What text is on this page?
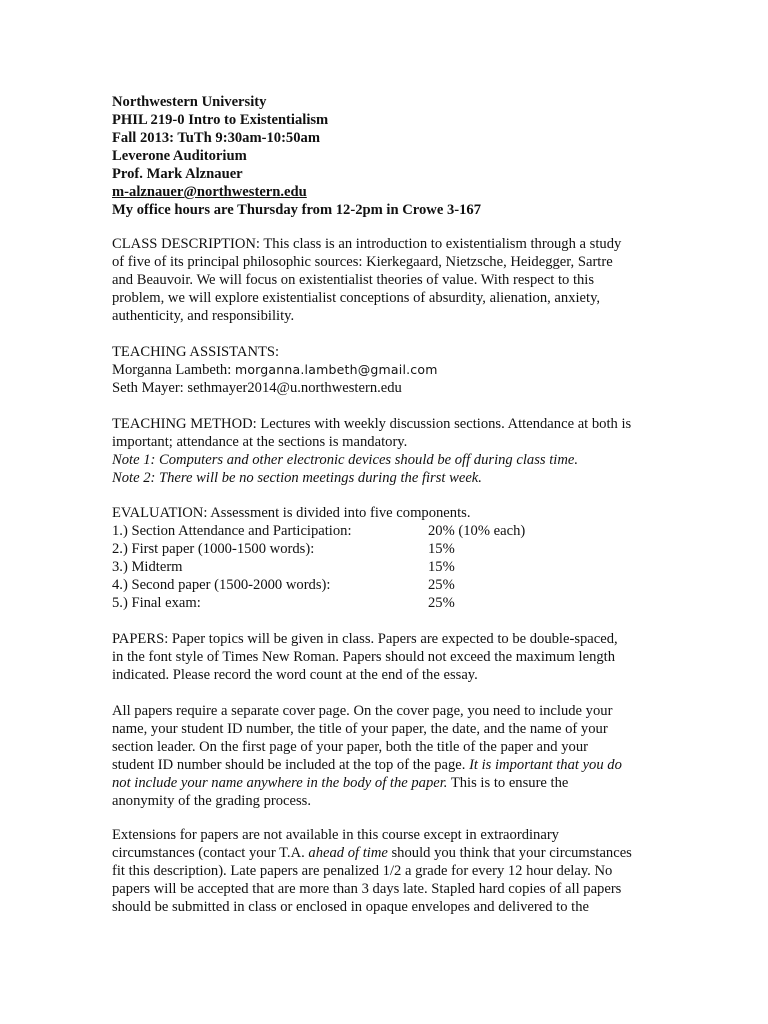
Northwestern University
PHIL 219-0 Intro to Existentialism
Fall 2013: TuTh 9:30am-10:50am
Leverone Auditorium
Prof. Mark Alznauer
m-alznauer@northwestern.edu
My office hours are Thursday from 12-2pm in Crowe 3-167
CLASS DESCRIPTION: This class is an introduction to existentialism through a study
of five of its principal philosophic sources: Kierkegaard, Nietzsche, Heidegger, Sartre
and Beauvoir. We will focus on existentialist theories of value. With respect to this
problem, we will explore existentialist conceptions of absurdity, alienation, anxiety,
authenticity, and responsibility.
TEACHING ASSISTANTS:
Morganna Lambeth: morganna.lambeth@gmail.com
Seth Mayer: sethmayer2014@u.northwestern.edu
TEACHING METHOD: Lectures with weekly discussion sections. Attendance at both is
important; attendance at the sections is mandatory.
Note 1: Computers and other electronic devices should be off during class time.
Note 2: There will be no section meetings during the first week.
EVALUATION: Assessment is divided into five components.
1.) Section Attendance and Participation:	20% (10% each)
2.) First paper (1000-1500 words):	15%
3.) Midterm	15%
4.) Second paper (1500-2000 words):	25%
5.) Final exam:	25%
PAPERS: Paper topics will be given in class. Papers are expected to be double-spaced,
in the font style of Times New Roman. Papers should not exceed the maximum length
indicated. Please record the word count at the end of the essay.
All papers require a separate cover page. On the cover page, you need to include your
name, your student ID number, the title of your paper, the date, and the name of your
section leader. On the first page of your paper, both the title of the paper and your
student ID number should be included at the top of the page. It is important that you do
not include your name anywhere in the body of the paper. This is to ensure the
anonymity of the grading process.
Extensions for papers are not available in this course except in extraordinary
circumstances (contact your T.A. ahead of time should you think that your circumstances
fit this description). Late papers are penalized 1/2 a grade for every 12 hour delay. No
papers will be accepted that are more than 3 days late. Stapled hard copies of all papers
should be submitted in class or enclosed in opaque envelopes and delivered to the
